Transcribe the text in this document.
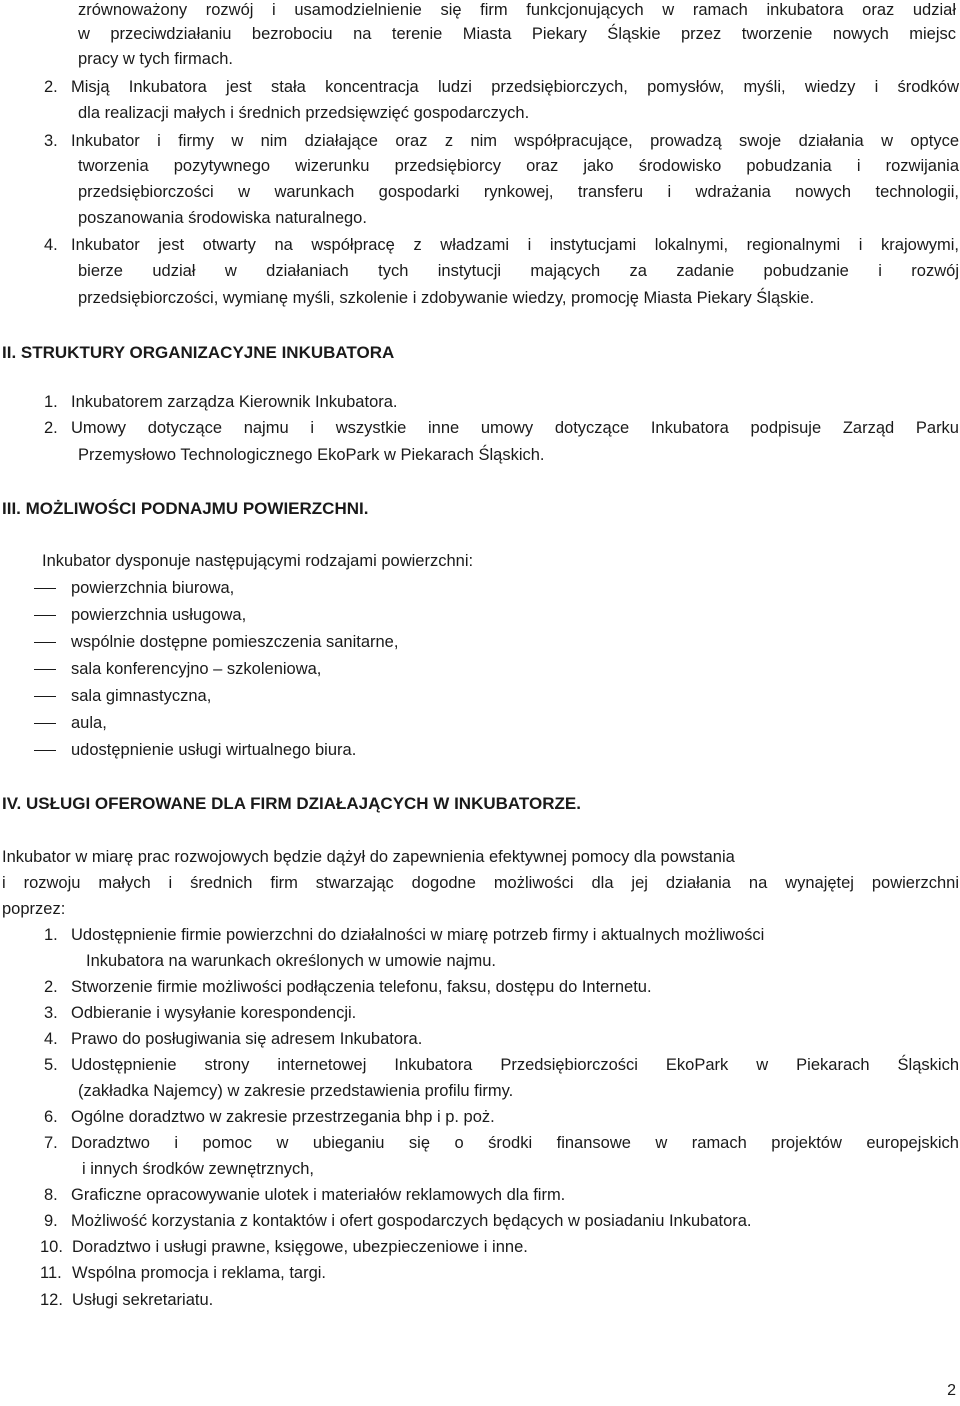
zrównoważony rozwój i usamodzielnienie się firm funkcjonujących w ramach inkubatora oraz udział
w przeciwdziałaniu bezrobociu na terenie Miasta Piekary Śląskie przez tworzenie nowych miejsc
pracy w tych firmach.
2. Misją Inkubatora jest stała koncentracja ludzi przedsiębiorczych, pomysłów, myśli, wiedzy i środków
dla realizacji małych i średnich przedsięwzięć gospodarczych.
3. Inkubator i firmy w nim działające oraz z nim współpracujące, prowadzą swoje działania w optyce
tworzenia pozytywnego wizerunku przedsiębiorcy oraz jako środowisko pobudzania i rozwijania
przedsiębiorczości w warunkach gospodarki rynkowej, transferu i wdrażania nowych technologii,
poszanowania środowiska naturalnego.
4. Inkubator jest otwarty na współpracę z władzami i instytucjami lokalnymi, regionalnymi i krajowymi,
bierze udział w działaniach tych instytucji mających za zadanie pobudzanie i rozwój
przedsiębiorczości, wymianę myśli, szkolenie i zdobywanie wiedzy, promocję Miasta Piekary Śląskie.
II. STRUKTURY ORGANIZACYJNE INKUBATORA
1. Inkubatorem zarządza Kierownik Inkubatora.
2. Umowy dotyczące najmu i wszystkie inne umowy dotyczące Inkubatora podpisuje Zarząd Parku
Przemysłowo Technologicznego EkoPark w Piekarach Śląskich.
III. MOŻLIWOŚCI PODNAJMU POWIERZCHNI.
Inkubator dysponuje następującymi rodzajami powierzchni:
powierzchnia biurowa,
powierzchnia usługowa,
wspólnie dostępne pomieszczenia sanitarne,
sala konferencyjno – szkoleniowa,
sala gimnastyczna,
aula,
udostępnienie usługi wirtualnego biura.
IV. USŁUGI OFEROWANE DLA FIRM DZIAŁAJĄCYCH W INKUBATORZE.
Inkubator w miarę prac rozwojowych będzie dążył do zapewnienia efektywnej pomocy dla powstania
i rozwoju małych i średnich firm stwarzając dogodne możliwości dla jej działania na wynajętej powierzchni
poprzez:
1. Udostępnienie firmie powierzchni do działalności w miarę potrzeb firmy i aktualnych możliwości
Inkubatora na warunkach określonych w umowie najmu.
2. Stworzenie firmie możliwości podłączenia telefonu, faksu, dostępu do Internetu.
3. Odbieranie i wysyłanie korespondencji.
4. Prawo do posługiwania się adresem Inkubatora.
5. Udostępnienie strony internetowej Inkubatora Przedsiębiorczości EkoPark w Piekarach Śląskich
(zakładka Najemcy) w zakresie przedstawienia profilu firmy.
6. Ogólne doradztwo w zakresie przestrzegania bhp i p. poż.
7. Doradztwo i pomoc w ubieganiu się o środki finansowe w ramach projektów europejskich
i innych środków zewnętrznych,
8. Graficzne opracowywanie ulotek i materiałów reklamowych dla firm.
9. Możliwość korzystania z kontaktów i ofert gospodarczych będących w posiadaniu Inkubatora.
10. Doradztwo i usługi prawne, księgowe, ubezpieczeniowe i inne.
11. Wspólna promocja i reklama, targi.
12. Usługi sekretariatu.
2
